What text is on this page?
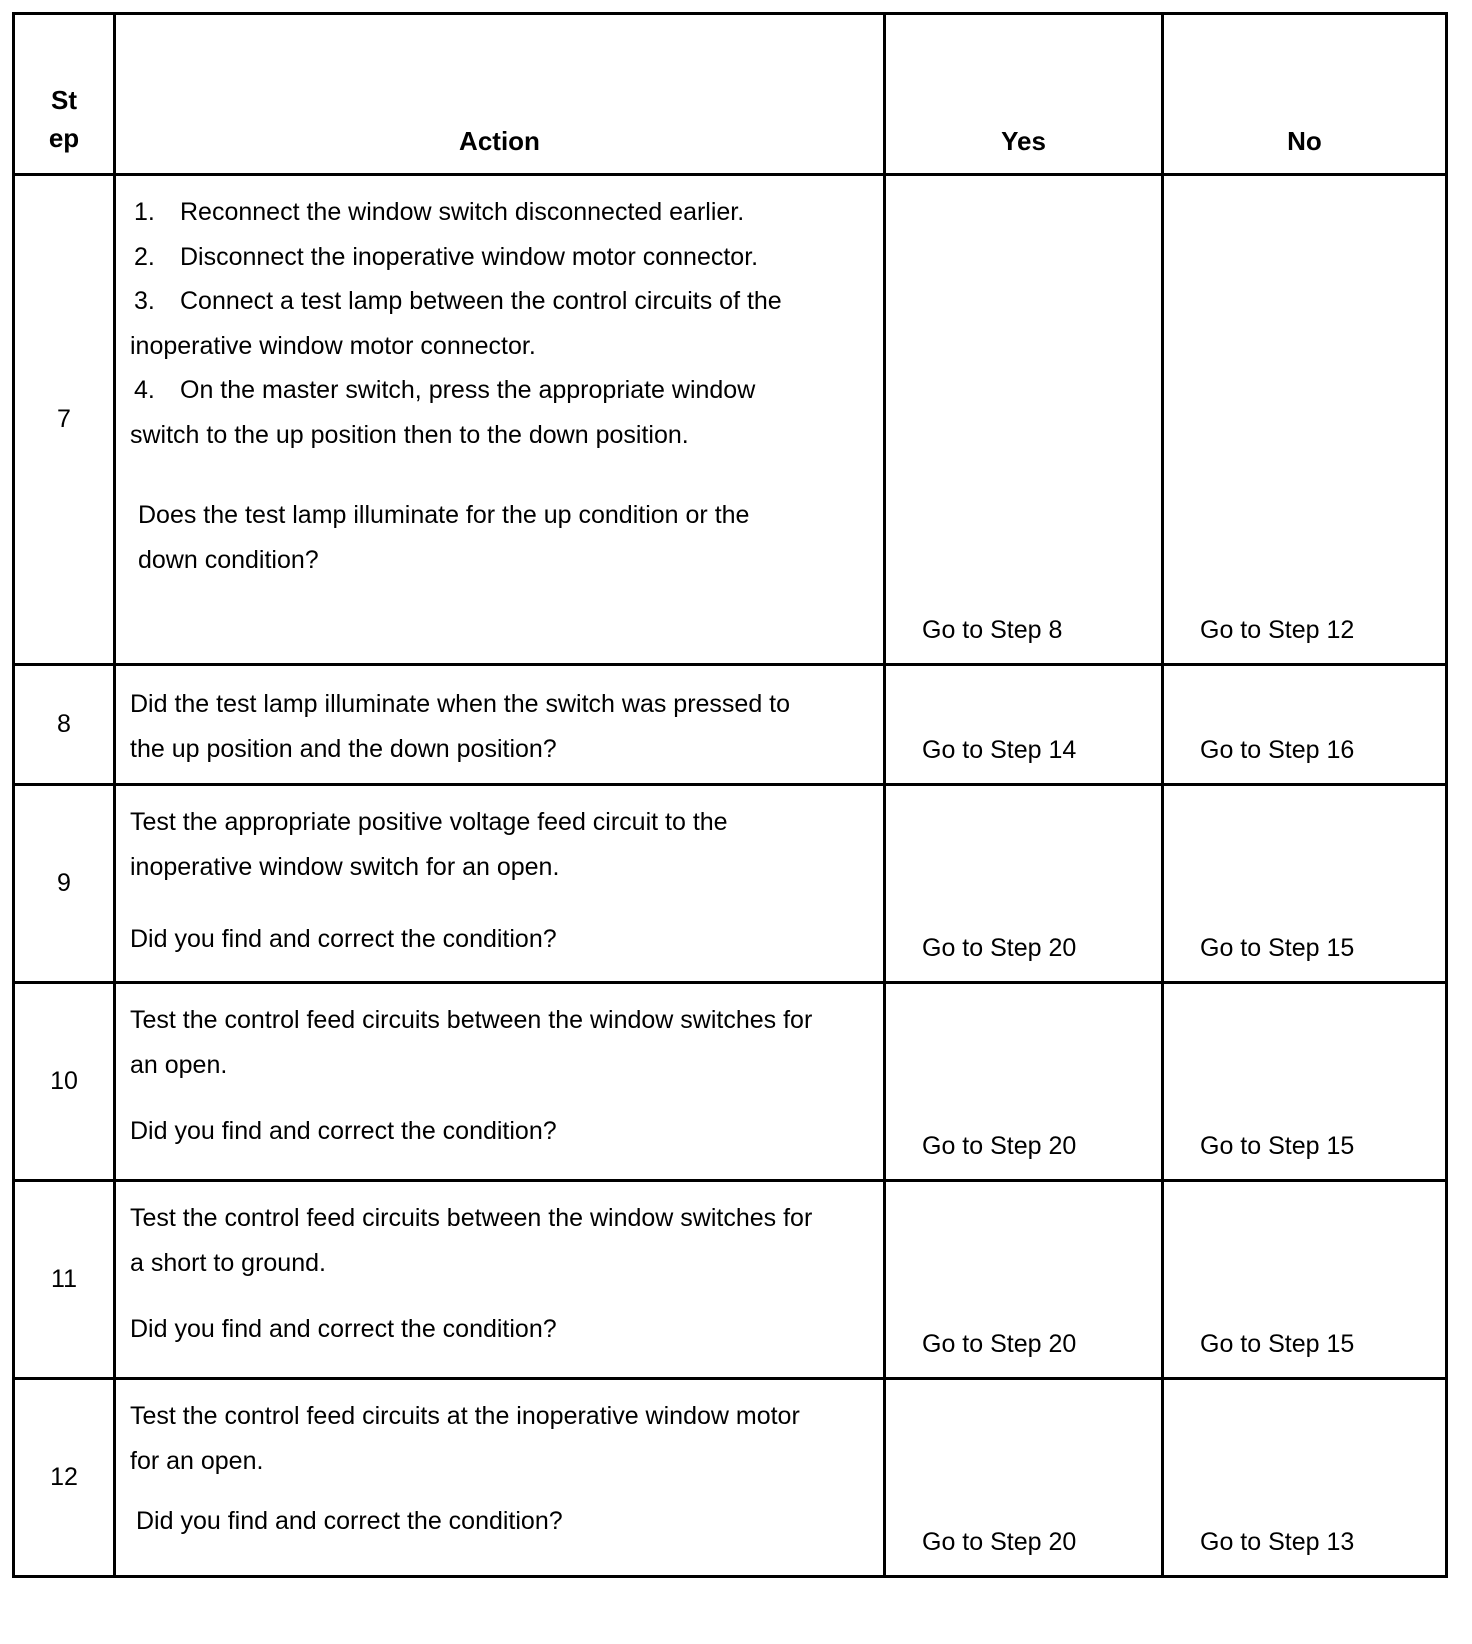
St ep	Action	Yes	No
7	1. Reconnect the window switch disconnected earlier.
2. Disconnect the inoperative window motor connector.
3. Connect a test lamp between the control circuits of the inoperative window motor connector.
4. On the master switch, press the appropriate window switch to the up position then to the down position.
Does the test lamp illuminate for the up condition or the down condition?	Go to Step 8	Go to Step 12
8	Did the test lamp illuminate when the switch was pressed to the up position and the down position?	Go to Step 14	Go to Step 16
9	Test the appropriate positive voltage feed circuit to the inoperative window switch for an open.
Did you find and correct the condition?	Go to Step 20	Go to Step 15
10	Test the control feed circuits between the window switches for an open.
Did you find and correct the condition?	Go to Step 20	Go to Step 15
11	Test the control feed circuits between the window switches for a short to ground.
Did you find and correct the condition?	Go to Step 20	Go to Step 15
12	Test the control feed circuits at the inoperative window motor for an open.
Did you find and correct the condition?	Go to Step 20	Go to Step 13
